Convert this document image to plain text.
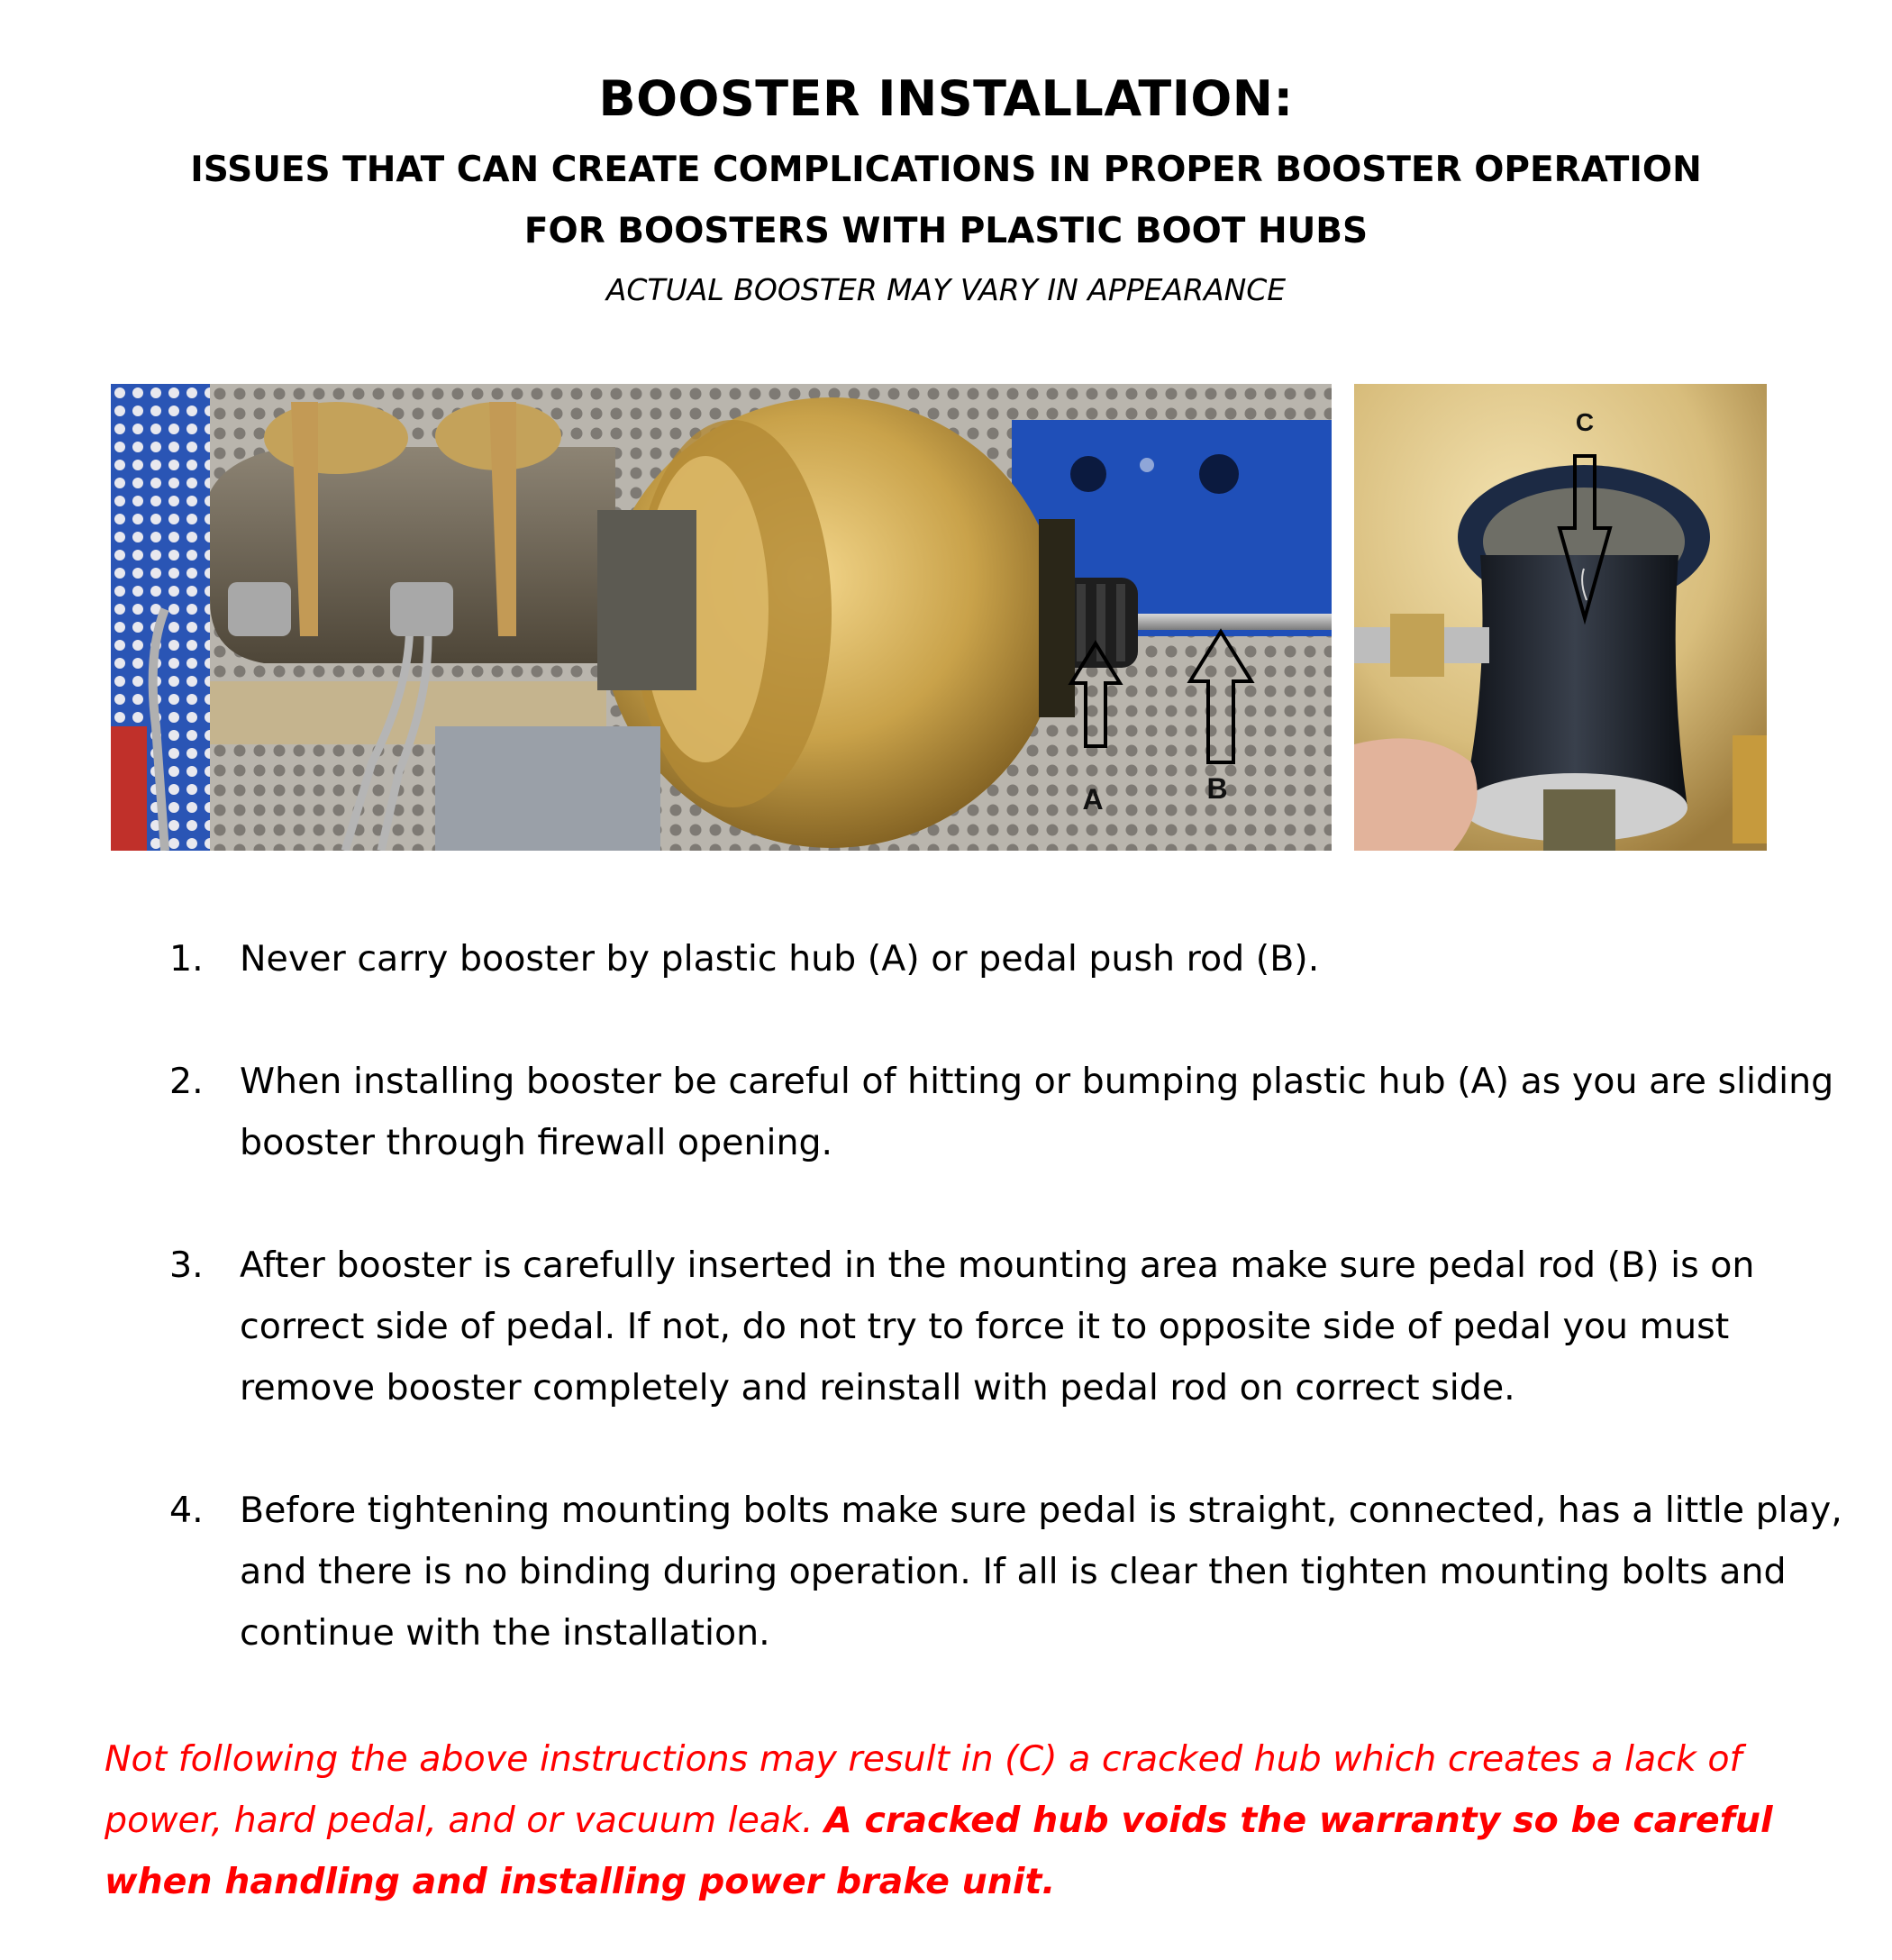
BOOSTER INSTALLATION:
ISSUES THAT CAN CREATE COMPLICATIONS IN PROPER BOOSTER OPERATION
FOR BOOSTERS WITH PLASTIC BOOT HUBS
ACTUAL BOOSTER MAY VARY IN APPEARANCE
A	B
C
1. Never carry booster by plastic hub (A) or pedal push rod (B).
2. When installing booster be careful of hitting or bumping plastic hub (A) as you are sliding booster through firewall opening.
3. After booster is carefully inserted in the mounting area make sure pedal rod (B) is on correct side of pedal. If not, do not try to force it to opposite side of pedal you must remove booster completely and reinstall with pedal rod on correct side.
4. Before tightening mounting bolts make sure pedal is straight, connected, has a little play, and there is no binding during operation. If all is clear then tighten mounting bolts and continue with the installation.
Not following the above instructions may result in (C) a cracked hub which creates a lack of power, hard pedal, and or vacuum leak. A cracked hub voids the warranty so be careful when handling and installing power brake unit.
